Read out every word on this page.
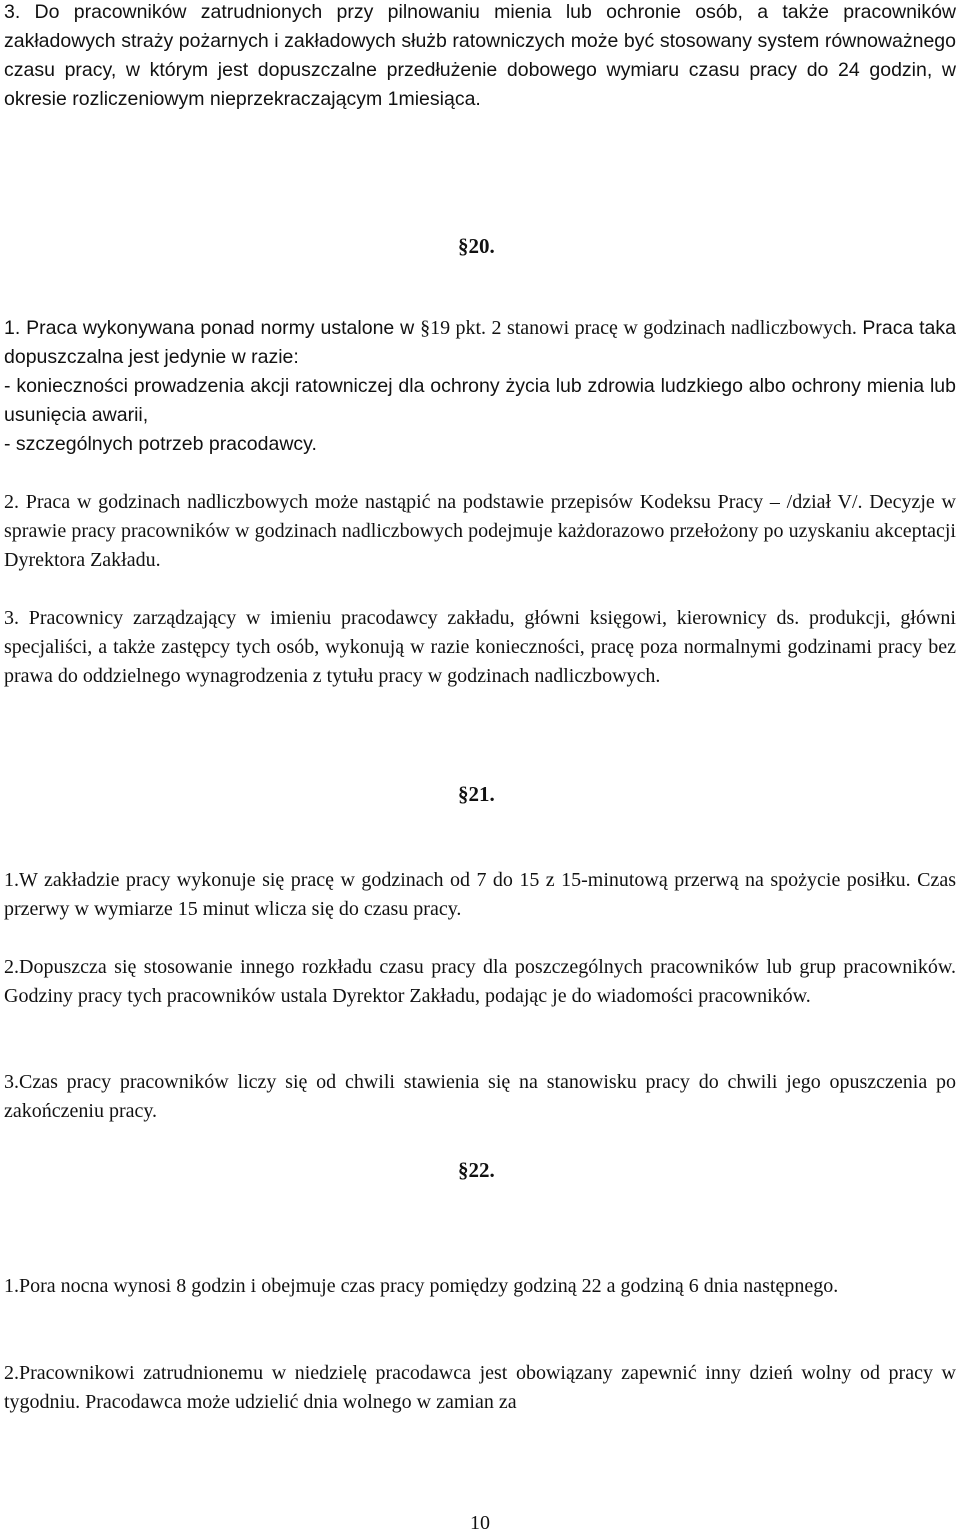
3. Do pracowników zatrudnionych przy pilnowaniu mienia lub ochronie osób, a także pracowników zakładowych straży pożarnych i zakładowych służb ratowniczych może być stosowany system równoważnego czasu pracy, w którym jest dopuszczalne przedłużenie dobowego wymiaru czasu pracy do 24 godzin, w okresie rozliczeniowym nieprzekraczającym 1miesiąca.

§20.

1. Praca wykonywana ponad normy ustalone w §19 pkt. 2 stanowi pracę w godzinach nadliczbowych. Praca taka dopuszczalna jest jedynie w razie:

- konieczności prowadzenia akcji ratowniczej dla ochrony życia lub zdrowia ludzkiego albo ochrony mienia lub usunięcia awarii,

- szczególnych potrzeb pracodawcy.

2. Praca w godzinach nadliczbowych może nastąpić na podstawie przepisów Kodeksu Pracy – /dział V/. Decyzje w sprawie pracy pracowników w godzinach nadliczbowych podejmuje każdorazowo przełożony po uzyskaniu akceptacji Dyrektora Zakładu.

3. Pracownicy zarządzający w imieniu pracodawcy zakładu, główni księgowi, kierownicy ds. produkcji, główni specjaliści, a także zastępcy tych osób, wykonują w razie konieczności, pracę poza normalnymi godzinami pracy bez prawa do oddzielnego wynagrodzenia z tytułu pracy w godzinach nadliczbowych.

§21.

1.W zakładzie pracy wykonuje się pracę w godzinach od 7 do 15 z 15-minutową przerwą na spożycie posiłku. Czas przerwy w wymiarze 15 minut wlicza się do czasu pracy.

2.Dopuszcza się stosowanie innego rozkładu czasu pracy dla poszczególnych pracowników lub grup pracowników. Godziny pracy tych pracowników ustala Dyrektor Zakładu, podając je do wiadomości pracowników.

3.Czas pracy pracowników liczy się od chwili stawienia się na stanowisku pracy do chwili jego opuszczenia po zakończeniu pracy.

§22.

1.Pora nocna wynosi 8 godzin i obejmuje czas pracy pomiędzy godziną 22 a godziną 6 dnia następnego.

2.Pracownikowi zatrudnionemu w niedzielę pracodawca jest obowiązany zapewnić inny dzień wolny od pracy w tygodniu. Pracodawca może udzielić dnia wolnego w zamian za

10
